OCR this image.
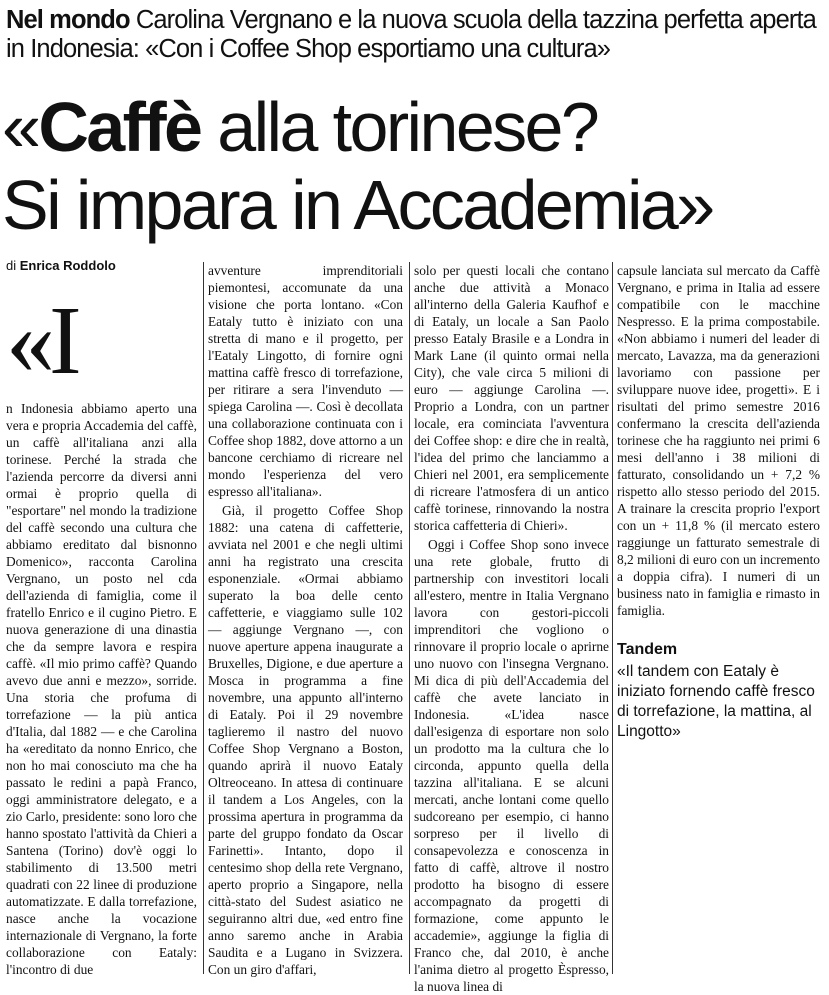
Nel mondo Carolina Vergnano e la nuova scuola della tazzina perfetta aperta in Indonesia: «Con i Coffee Shop esportiamo una cultura»
«Caffè alla torinese?
Si impara in Accademia»
di Enrica Roddolo
«I

n Indonesia abbiamo aperto una vera e propria Accademia del caffè, un caffè all'italiana anzi alla torinese. Perché la strada che l'azienda percorre da diversi anni ormai è proprio quella di "esportare" nel mondo la tradizione del caffè secondo una cultura che abbiamo ereditato dal bisnonno Domenico», racconta Carolina Vergnano, un posto nel cda dell'azienda di famiglia, come il fratello Enrico e il cugino Pietro. E nuova generazione di una dinastia che da sempre lavora e respira caffè. «Il mio primo caffè? Quando avevo due anni e mezzo», sorride. Una storia che profuma di torrefazione — la più antica d'Italia, dal 1882 — e che Carolina ha «ereditato da nonno Enrico, che non ho mai conosciuto ma che ha passato le redini a papà Franco, oggi amministratore delegato, e a zio Carlo, presidente: sono loro che hanno spostato l'attività da Chieri a Santena (Torino) dov'è oggi lo stabilimento di 13.500 metri quadrati con 22 linee di produzione automatizzate. E dalla torrefazione, nasce anche la vocazione internazionale di Vergnano, la forte collaborazione con Eataly: l'incontro di due

avventure imprenditoriali piemontesi, accomunate da una visione che porta lontano. «Con Eataly tutto è iniziato con una stretta di mano e il progetto, per l'Eataly Lingotto, di fornire ogni mattina caffè fresco di torrefazione, per ritirare a sera l'invenduto — spiega Carolina —. Così è decollata una collaborazione continuata con i Coffee shop 1882, dove attorno a un bancone cerchiamo di ricreare nel mondo l'esperienza del vero espresso all'italiana».

Già, il progetto Coffee Shop 1882: una catena di caffetterie, avviata nel 2001 e che negli ultimi anni ha registrato una crescita esponenziale. «Ormai abbiamo superato la boa delle cento caffetterie, e viaggiamo sulle 102 — aggiunge Vergnano —, con nuove aperture appena inaugurate a Bruxelles, Digione, e due aperture a Mosca in programma a fine novembre, una appunto all'interno di Eataly. Poi il 29 novembre taglieremo il nastro del nuovo Coffee Shop Vergnano a Boston, quando aprirà il nuovo Eataly Oltreoceano. In attesa di continuare il tandem a Los Angeles, con la prossima apertura in programma da parte del gruppo fondato da Oscar Farinetti». Intanto, dopo il centesimo shop della rete Vergnano, aperto proprio a Singapore, nella città-stato del Sudest asiatico ne seguiranno altri due, «ed entro fine anno saremo anche in Arabia Saudita e a Lugano in Svizzera. Con un giro d'affari,

solo per questi locali che contano anche due attività a Monaco all'interno della Galeria Kaufhof e di Eataly, un locale a San Paolo presso Eataly Brasile e a Londra in Mark Lane (il quinto ormai nella City), che vale circa 5 milioni di euro — aggiunge Carolina —. Proprio a Londra, con un partner locale, era cominciata l'avventura dei Coffee shop: e dire che in realtà, l'idea del primo che lanciammo a Chieri nel 2001, era semplicemente di ricreare l'atmosfera di un antico caffè torinese, rinnovando la nostra storica caffetteria di Chieri».

Oggi i Coffee Shop sono invece una rete globale, frutto di partnership con investitori locali all'estero, mentre in Italia Vergnano lavora con gestori-piccoli imprenditori che vogliono o rinnovare il proprio locale o aprirne uno nuovo con l'insegna Vergnano. Mi dica di più dell'Accademia del caffè che avete lanciato in Indonesia. «L'idea nasce dall'esigenza di esportare non solo un prodotto ma la cultura che lo circonda, appunto quella della tazzina all'italiana. E se alcuni mercati, anche lontani come quello sudcoreano per esempio, ci hanno sorpreso per il livello di consapevolezza e conoscenza in fatto di caffè, altrove il nostro prodotto ha bisogno di essere accompagnato da progetti di formazione, come appunto le accademie», aggiunge la figlia di Franco che, dal 2010, è anche l'anima dietro al progetto Èspresso, la nuova linea di

capsule lanciata sul mercato da Caffè Vergnano, e prima in Italia ad essere compatibile con le macchine Nespresso. E la prima compostabile. «Non abbiamo i numeri del leader di mercato, Lavazza, ma da generazioni lavoriamo con passione per sviluppare nuove idee, progetti». E i risultati del primo semestre 2016 confermano la crescita dell'azienda torinese che ha raggiunto nei primi 6 mesi dell'anno i 38 milioni di fatturato, consolidando un + 7,2 % rispetto allo stesso periodo del 2015. A trainare la crescita proprio l'export con un + 11,8 % (il mercato estero raggiunge un fatturato semestrale di 8,2 milioni di euro con un incremento a doppia cifra). I numeri di un business nato in famiglia e rimasto in famiglia.

Tandem
«Il tandem con Eataly è iniziato fornendo caffè fresco di torrefazione, la mattina, al Lingotto»
